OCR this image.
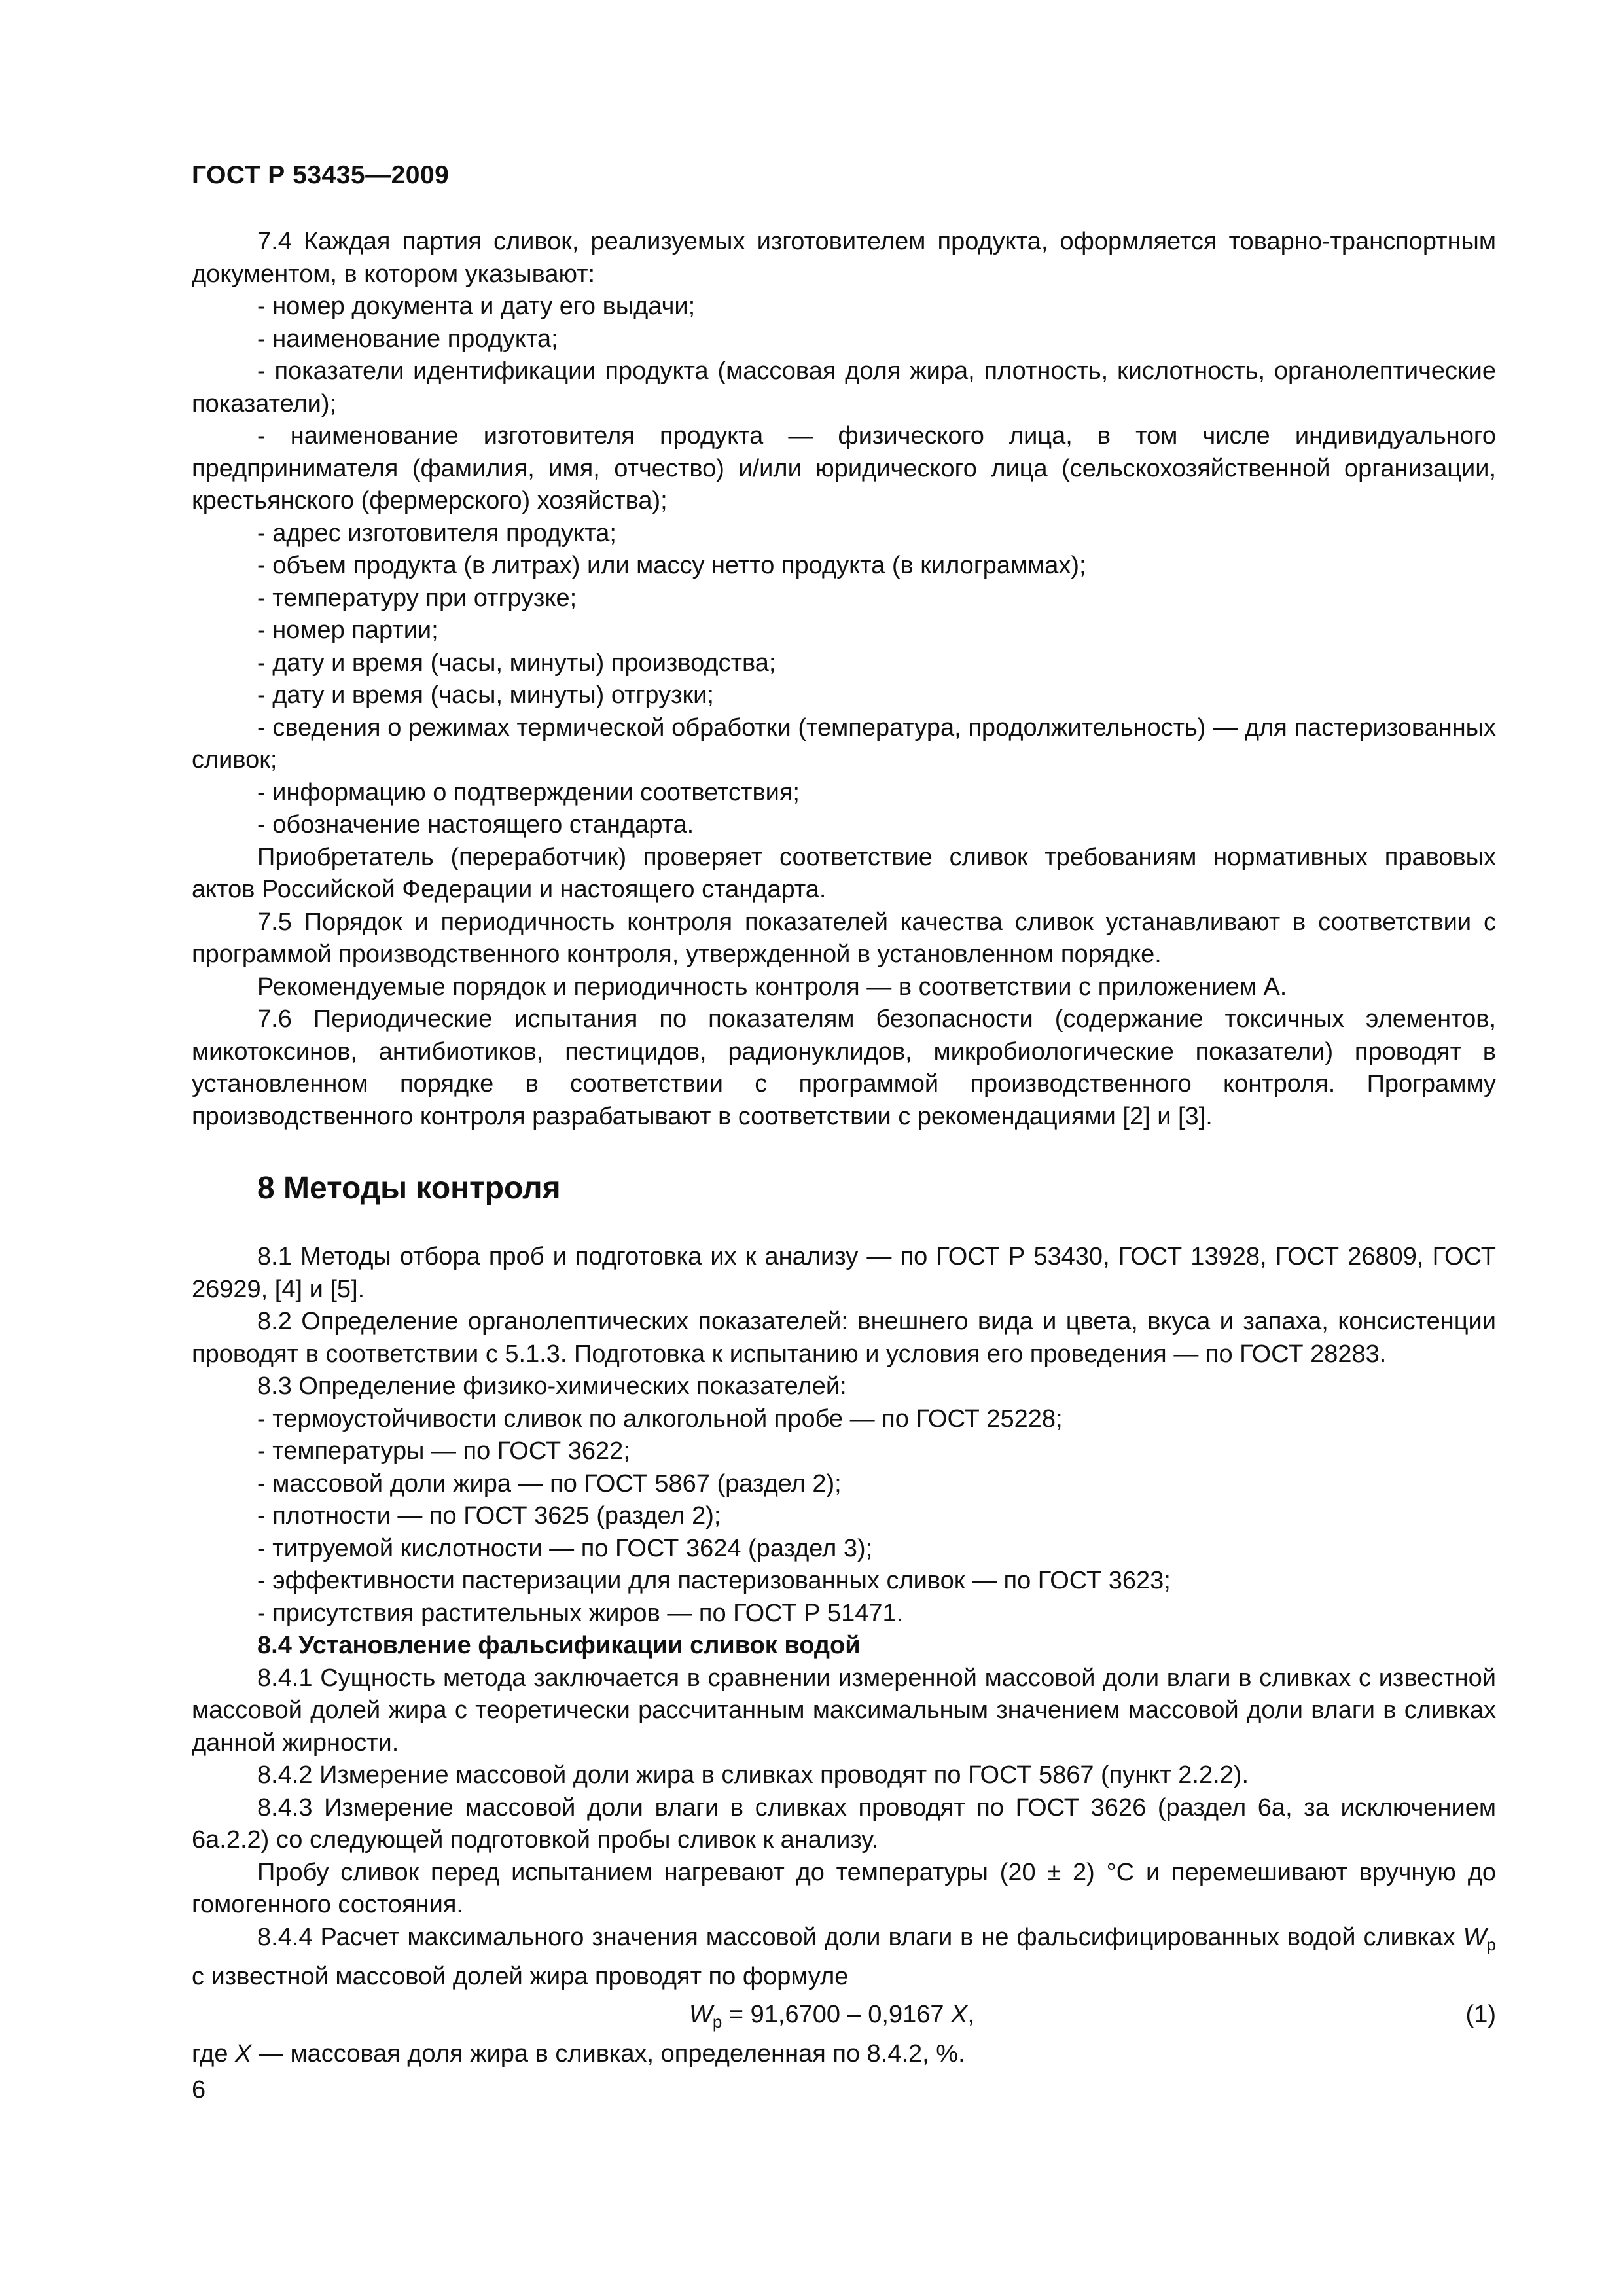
ГОСТ Р 53435—2009

7.4 Каждая партия сливок, реализуемых изготовителем продукта, оформляется товарно-транспортным документом, в котором указывают:

- номер документа и дату его выдачи;

- наименование продукта;

- показатели идентификации продукта (массовая доля жира, плотность, кислотность, органолептические показатели);

- наименование изготовителя продукта — физического лица, в том числе индивидуального предпринимателя (фамилия, имя, отчество) и/или юридического лица (сельскохозяйственной организации, крестьянского (фермерского) хозяйства);

- адрес изготовителя продукта;

- объем продукта (в литрах) или массу нетто продукта (в килограммах);

- температуру при отгрузке;

- номер партии;

- дату и время (часы, минуты) производства;

- дату и время (часы, минуты) отгрузки;

- сведения о режимах термической обработки (температура, продолжительность) — для пастеризованных сливок;

- информацию о подтверждении соответствия;

- обозначение настоящего стандарта.

Приобретатель (переработчик) проверяет соответствие сливок требованиям нормативных правовых актов Российской Федерации и настоящего стандарта.

7.5 Порядок и периодичность контроля показателей качества сливок устанавливают в соответствии с программой производственного контроля, утвержденной в установленном порядке.

Рекомендуемые порядок и периодичность контроля — в соответствии с приложением А.

7.6 Периодические испытания по показателям безопасности (содержание токсичных элементов, микотоксинов, антибиотиков, пестицидов, радионуклидов, микробиологические показатели) проводят в установленном порядке в соответствии с программой производственного контроля. Программу производственного контроля разрабатывают в соответствии с рекомендациями [2] и [3].

8 Методы контроля

8.1 Методы отбора проб и подготовка их к анализу — по ГОСТ Р 53430, ГОСТ 13928, ГОСТ 26809, ГОСТ 26929, [4] и [5].

8.2 Определение органолептических показателей: внешнего вида и цвета, вкуса и запаха, консистенции проводят в соответствии с 5.1.3. Подготовка к испытанию и условия его проведения — по ГОСТ 28283.

8.3 Определение физико-химических показателей:

- термоустойчивости сливок по алкогольной пробе — по ГОСТ 25228;

- температуры — по ГОСТ 3622;

- массовой доли жира — по ГОСТ 5867 (раздел 2);

- плотности — по ГОСТ 3625 (раздел 2);

- титруемой кислотности — по ГОСТ 3624 (раздел 3);

- эффективности пастеризации для пастеризованных сливок — по ГОСТ 3623;

- присутствия растительных жиров — по ГОСТ Р 51471.

8.4 Установление фальсификации сливок водой

8.4.1 Сущность метода заключается в сравнении измеренной массовой доли влаги в сливках с известной массовой долей жира с теоретически рассчитанным максимальным значением массовой доли влаги в сливках данной жирности.

8.4.2 Измерение массовой доли жира в сливках проводят по ГОСТ 5867 (пункт 2.2.2).

8.4.3 Измерение массовой доли влаги в сливках проводят по ГОСТ 3626 (раздел 6а, за исключением 6а.2.2) со следующей подготовкой пробы сливок к анализу.

Пробу сливок перед испытанием нагревают до температуры (20 ± 2) °С и перемешивают вручную до гомогенного состояния.

8.4.4 Расчет максимального значения массовой доли влаги в не фальсифицированных водой сливках $W_р$ с известной массовой долей жира проводят по формуле

$W_р = 91,6700 - 0,9167$ X,	(1)

где X — массовая доля жира в сливках, определенная по 8.4.2, %.

6
